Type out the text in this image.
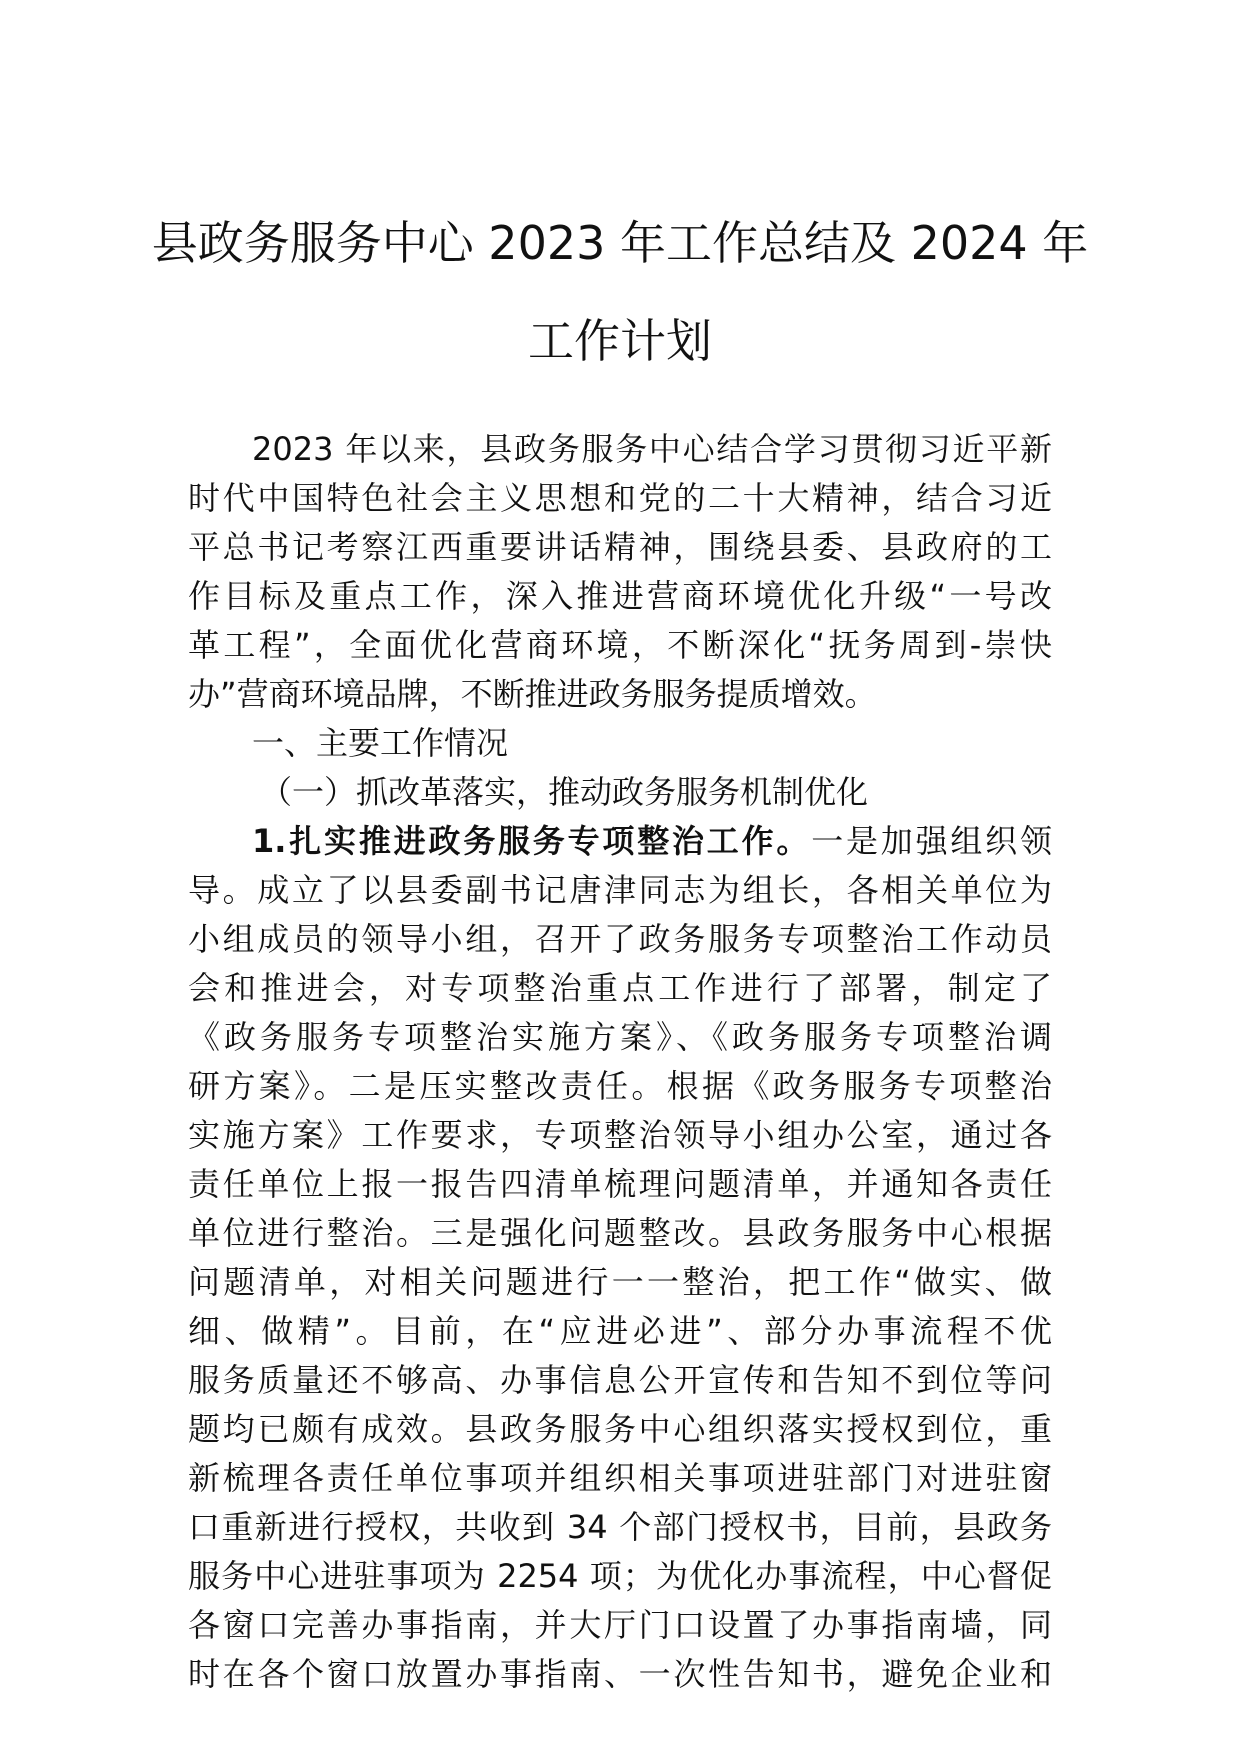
县政务服务中心 2023 年工作总结及 2024 年
工作计划
2023 年以来，县政务服务中心结合学习贯彻习近平新
时代中国特色社会主义思想和党的二十大精神，结合习近
平总书记考察江西重要讲话精神，围绕县委、县政府的工
作目标及重点工作，深入推进营商环境优化升级“一号改
革工程”，全面优化营商环境，不断深化“抚务周到-崇快
办”营商环境品牌，不断推进政务服务提质增效。
一、主要工作情况
（一）抓改革落实，推动政务服务机制优化
1.扎实推进政务服务专项整治工作。一是加强组织领
导。成立了以县委副书记唐津同志为组长，各相关单位为
小组成员的领导小组，召开了政务服务专项整治工作动员
会和推进会，对专项整治重点工作进行了部署，制定了
《政务服务专项整治实施方案》、《政务服务专项整治调
研方案》。二是压实整改责任。根据《政务服务专项整治
实施方案》工作要求，专项整治领导小组办公室，通过各
责任单位上报一报告四清单梳理问题清单，并通知各责任
单位进行整治。三是强化问题整改。县政务服务中心根据
问题清单，对相关问题进行一一整治，把工作“做实、做
细、做精”。目前，在“应进必进”、部分办事流程不优
服务质量还不够高、办事信息公开宣传和告知不到位等问
题均已颇有成效。县政务服务中心组织落实授权到位，重
新梳理各责任单位事项并组织相关事项进驻部门对进驻窗
口重新进行授权，共收到 34 个部门授权书，目前，县政务
服务中心进驻事项为 2254 项；为优化办事流程，中心督促
各窗口完善办事指南，并大厅门口设置了办事指南墙，同
时在各个窗口放置办事指南、一次性告知书，避免企业和
